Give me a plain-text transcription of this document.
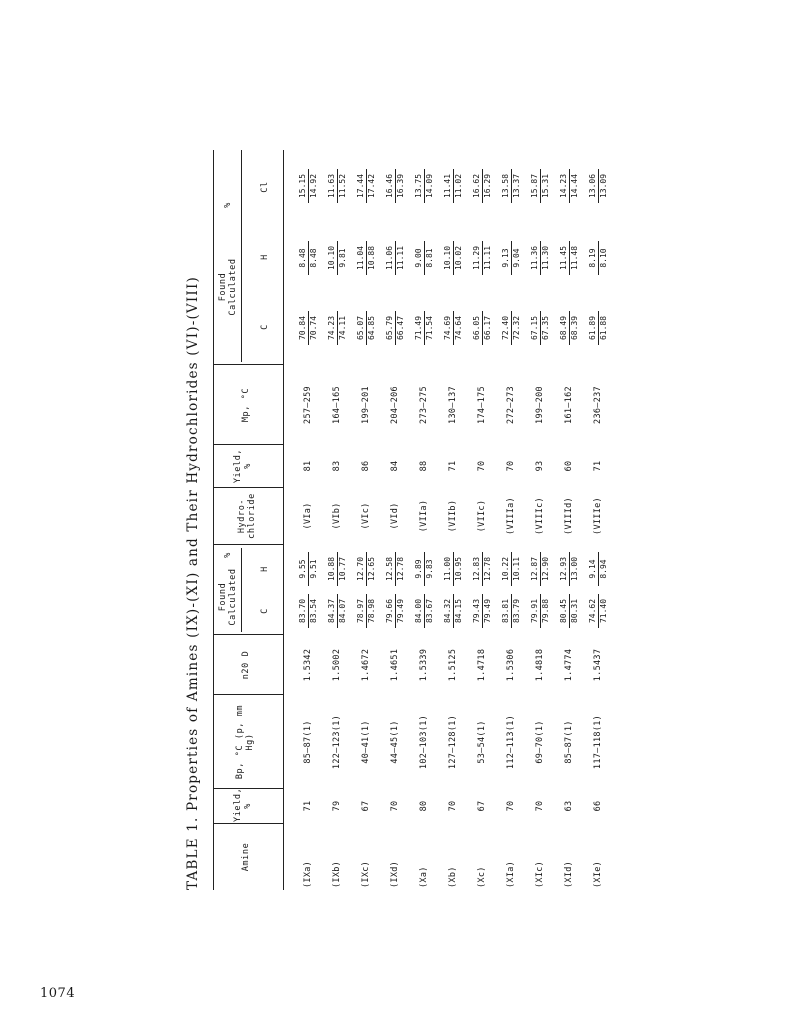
1074
TABLE 1. Properties of Amines (IX)-(XI) and Their Hydrochlorides (VI)-(VIII)	Amine
Yield, %
Bp, °C (p, mm Hg)
n20 D
Found Calculated
%
C
H
Hydro-chloride
Yield, %
Mp, °C
Found Calculated
%
C
H
Cl
(IXa)
71
85–87(1)
1.5342
83.70 83.54
9.55 9.51
(VIa)
81
257–259
70.84 70.74
8.48 8.48
15.15 14.92
(IXb)
79
122–123(1)
1.5002
84.37 84.07
10.88 10.77
(VIb)
83
164–165
74.23 74.11
10.10 9.81
11.63 11.52
(IXc)
67
40–41(1)
1.4672
78.97 78.98
12.70 12.65
(VIc)
86
199–201
65.07 64.85
11.04 10.88
17.44 17.42
(IXd)
70
44–45(1)
1.4651
79.66 79.49
12.58 12.78
(VId)
84
204–206
65.79 66.47
11.06 11.11
16.46 16.39
(Xa)
80
102–103(1)
1.5339
84.00 83.67
9.89 9.83
(VIIa)
88
273–275
71.49 71.54
9.00 8.81
13.75 14.09
(Xb)
70
127–128(1)
1.5125
84.32 84.15
11.00 10.95
(VIIb)
71
130–137
74.69 74.64
10.10 10.02
11.41 11.02
(Xc)
67
53–54(1)
1.4718
79.43 79.49
12.83 12.78
(VIIc)
70
174–175
66.05 66.17
11.29 11.11
16.62 16.29
(XIa)
70
112–113(1)
1.5306
83.81 83.79
10.22 10.11
(VIIIa)
70
272–273
72.40 72.32
9.13 9.04
13.58 13.37
(XIc)
70
69–70(1)
1.4818
79.91 79.88
12.87 12.90
(VIIIc)
93
199–200
67.15 67.35
11.36 11.30
15.87 15.31
(XId)
63
85–87(1)
1.4774
80.45 80.31
12.93 13.00
(VIIId)
60
161–162
68.49 68.39
11.45 11.48
14.23 14.44
(XIe)
66
117–118(1)
1.5437
74.62 71.40
9.14 8.94
(VIIIe)
71
236–237
61.89 61.88
8.19 8.10
13.06 13.09
